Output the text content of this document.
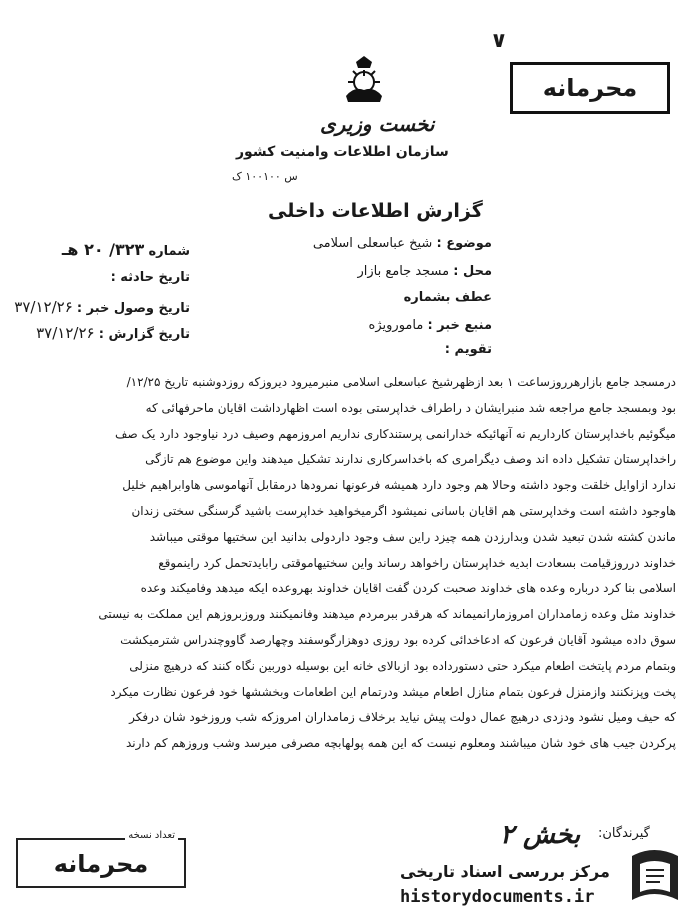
∨
محرمانه
نخست وزیری
سازمان اطلاعات وامنیت کشور
س ۱۰۰۱۰۰ ک
گزارش اطلاعات داخلی
موضوع : شیخ عباسعلی اسلامی
محل : مسجد جامع بازار
عطف بشماره
منبع خبر : مامورویژه
تقویم :
شماره ۳۲۳/ ۲۰ هـ
تاریخ حادثه :
تاریخ وصول خبر : ۳۷/۱۲/۲۶
تاریخ گزارش : ۳۷/۱۲/۲۶
درمسجد جامع بازارهرروزساعت ۱ بعد ازظهرشیخ عباسعلی اسلامی منبرمیرود دیروزکه روزدوشنبه تاریخ ۱۲/۲۵/
بود وبمسجد جامع مراجعه شد منبرایشان د راطراف خداپرستی بوده است اظهارداشت اقایان ماحرفهائی که
میگوئیم باخداپرستان کارداریم نه آنهائیکه خدارانمی پرستندکاری نداریم امروزمهم وصیف درد نیاوجود دارد یک صف
راخداپرستان تشکیل داده اند وصف دیگرامری که باخداسرکاری ندارند تشکیل میدهند واین موضوع هم تازگی
ندارد ازاوایل خلقت وجود داشته وحالا هم وجود دارد همیشه فرعونها نمرودها درمقابل آنهاموسی هاوابراهیم خلیل
هاوجود داشته است وخداپرستی هم اقایان باسانی نمیشود اگرمیخواهید خداپرست باشید گرسنگی سختی زندان
ماندن کشته شدن تبعید شدن وبدارزدن همه چیزد راین سف وجود داردولی بدانید این سختیها موقتی میباشد
خداوند درروزقیامت بسعادت ابدیه خداپرستان راخواهد رساند واین سختیهاموقتی رابایدتحمل کرد راینموقع
اسلامی بنا کرد درباره وعده های خداوند صحبت کردن گفت اقایان خداوند بهروعده ایکه میدهد وفامیکند وعده
خداوند مثل وعده زمامداران امروزمارانمیماند که هرقدر ببرمردم میدهند وفانمیکنند وروزبروزهم این مملکت به نیستی
سوق داده میشود آقایان فرعون که ادعاخدائی کرده بود روزی دوهزارگوسفند وچهارصد گاووچندراس شترمیکشت
وبتمام مردم پایتخت اطعام میکرد حتی دستورداده بود ازبالای خانه این بوسیله دوربین نگاه کنند که درهیچ منزلی
پخت وپزنکنند وازمنزل فرعون بتمام منازل اطعام میشد ودرتمام این اطعامات وبخششها خود فرعون نظارت میکرد
که حیف ومیل نشود ودزدی درهیچ عمال دولت پیش نیاید برخلاف زمامداران امروزکه شب وروزخود شان درفکر
پرکردن جیب های خود شان میباشند ومعلوم نیست که این همه پولهابچه مصرفی میرسد وشب وروزهم کم دارند
بخش ۲ گیرندگان:
تعداد نسخه
محرمانه	مرکز بررسی اسناد تاریخی
historydocuments.ir
